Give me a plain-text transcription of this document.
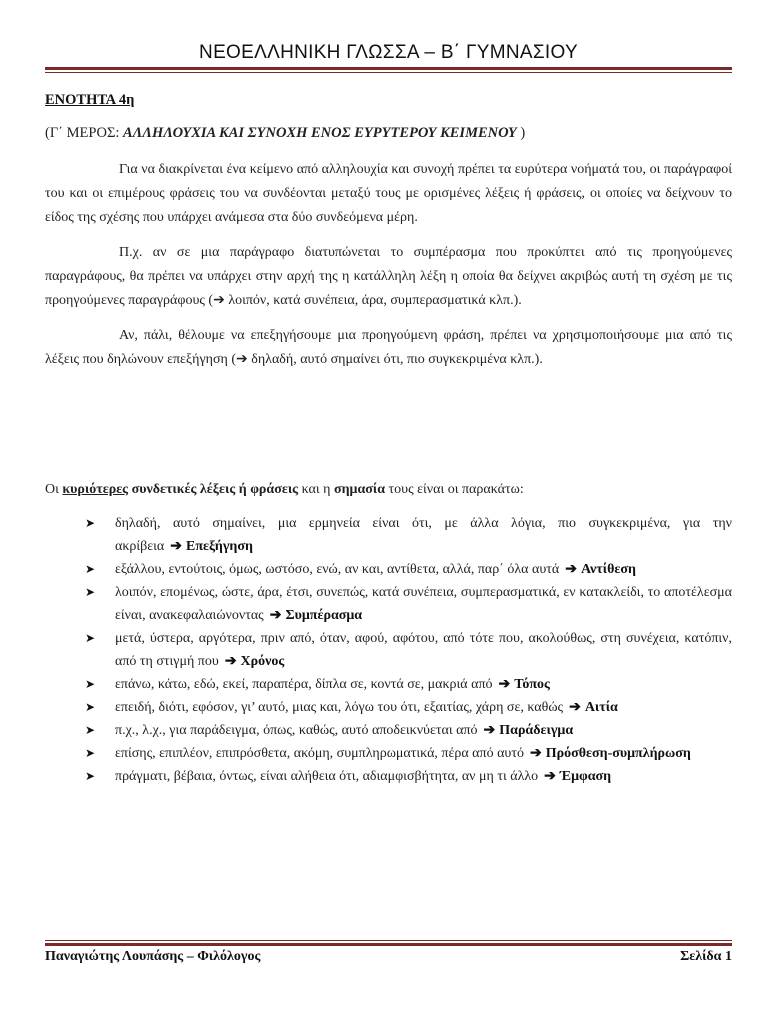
ΝΕΟΕΛΛΗΝΙΚΗ ΓΛΩΣΣΑ – Β΄ ΓΥΜΝΑΣΙΟΥ
ΕΝΟΤΗΤΑ 4η
(Γ΄ ΜΕΡΟΣ: ΑΛΛΗΛΟΥΧΙΑ ΚΑΙ ΣΥΝΟΧΗ ΕΝΟΣ ΕΥΡΥΤΕΡΟΥ ΚΕΙΜΕΝΟΥ )

Για να διακρίνεται ένα κείμενο από αλληλουχία και συνοχή πρέπει τα ευρύτερα νοήματά του, οι παράγραφοί του και οι επιμέρους φράσεις του να συνδέονται μεταξύ τους με ορισμένες λέξεις ή φράσεις, οι οποίες να δείχνουν το είδος της σχέσης που υπάρχει ανάμεσα στα δύο συνδεόμενα μέρη.

Π.χ. αν σε μια παράγραφο διατυπώνεται το συμπέρασμα που προκύπτει από τις προηγούμενες παραγράφους, θα πρέπει να υπάρχει στην αρχή της η κατάλληλη λέξη η οποία θα δείχνει ακριβώς αυτή τη σχέση με τις προηγούμενες παραγράφους (➔ λοιπόν, κατά συνέπεια, άρα, συμπερασματικά κλπ.).

Αν, πάλι, θέλουμε να επεξηγήσουμε μια προηγούμενη φράση, πρέπει να χρησιμοποιήσουμε μια από τις λέξεις που δηλώνουν επεξήγηση (➔ δηλαδή, αυτό σημαίνει ότι, πιο συγκεκριμένα κλπ.).

Οι κυριότερες συνδετικές λέξεις ή φράσεις και η σημασία τους είναι οι παρακάτω:
➤ δηλαδή, αυτό σημαίνει, μια ερμηνεία είναι ότι, με άλλα λόγια, πιο συγκεκριμένα, για την ακρίβεια ➔ Επεξήγηση
➤ εξάλλου, εντούτοις, όμως, ωστόσο, ενώ, αν και, αντίθετα, αλλά, παρ΄ όλα αυτά ➔ Αντίθεση
➤ λοιπόν, επομένως, ώστε, άρα, έτσι, συνεπώς, κατά συνέπεια, συμπερασματικά, εν κατακλείδι, το αποτέλεσμα είναι, ανακεφαλαιώνοντας ➔ Συμπέρασμα
➤ μετά, ύστερα, αργότερα, πριν από, όταν, αφού, αφότου, από τότε που, ακολούθως, στη συνέχεια, κατόπιν, από τη στιγμή που ➔ Χρόνος
➤ επάνω, κάτω, εδώ, εκεί, παραπέρα, δίπλα σε, κοντά σε, μακριά από ➔ Τόπος
➤ επειδή, διότι, εφόσον, γι’ αυτό, μιας και, λόγω του ότι, εξαιτίας, χάρη σε, καθώς ➔ Αιτία
➤ π.χ., λ.χ., για παράδειγμα, όπως, καθώς, αυτό αποδεικνύεται από ➔ Παράδειγμα
➤ επίσης, επιπλέον, επιπρόσθετα, ακόμη, συμπληρωματικά, πέρα από αυτό ➔ Πρόσθεση-συμπλήρωση
➤ πράγματι, βέβαια, όντως, είναι αλήθεια ότι, αδιαμφισβήτητα, αν μη τι άλλο ➔ Έμφαση
Παναγιώτης Λουπάσης – Φιλόλογος	Σελίδα 1
